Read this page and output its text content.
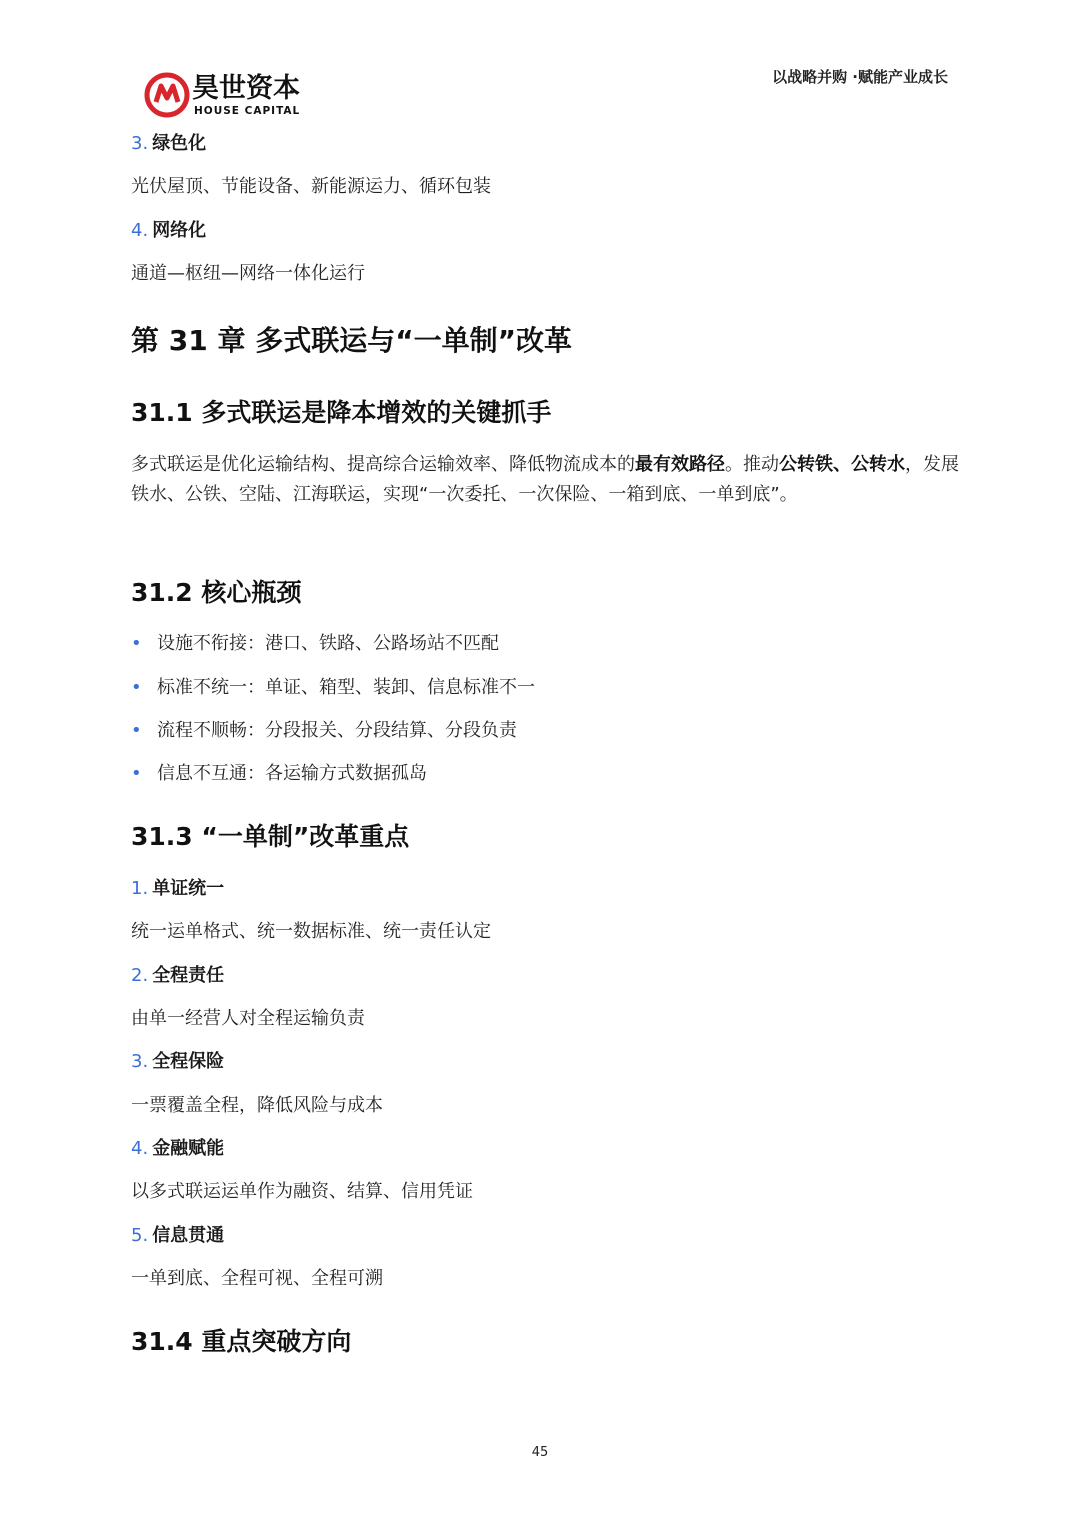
昊世资本
HOUSE CAPITAL
以战略并购 ·赋能产业成长
3. 绿色化
光伏屋顶、节能设备、新能源运力、循环包装
4. 网络化
通道—枢纽—网络一体化运行
第 31 章 多式联运与“一单制”改革
31.1 多式联运是降本增效的关键抓手
多式联运是优化运输结构、提高综合运输效率、降低物流成本的最有效路径。推动公转铁、公转水，发展铁水、公铁、空陆、江海联运，实现“一次委托、一次保险、一箱到底、一单到底”。
31.2 核心瓶颈
• 设施不衔接：港口、铁路、公路场站不匹配
• 标准不统一：单证、箱型、装卸、信息标准不一
• 流程不顺畅：分段报关、分段结算、分段负责
• 信息不互通：各运输方式数据孤岛
31.3 “一单制”改革重点
1. 单证统一
统一运单格式、统一数据标准、统一责任认定
2. 全程责任
由单一经营人对全程运输负责
3. 全程保险
一票覆盖全程，降低风险与成本
4. 金融赋能
以多式联运运单作为融资、结算、信用凭证
5. 信息贯通
一单到底、全程可视、全程可溯
31.4 重点突破方向
45
